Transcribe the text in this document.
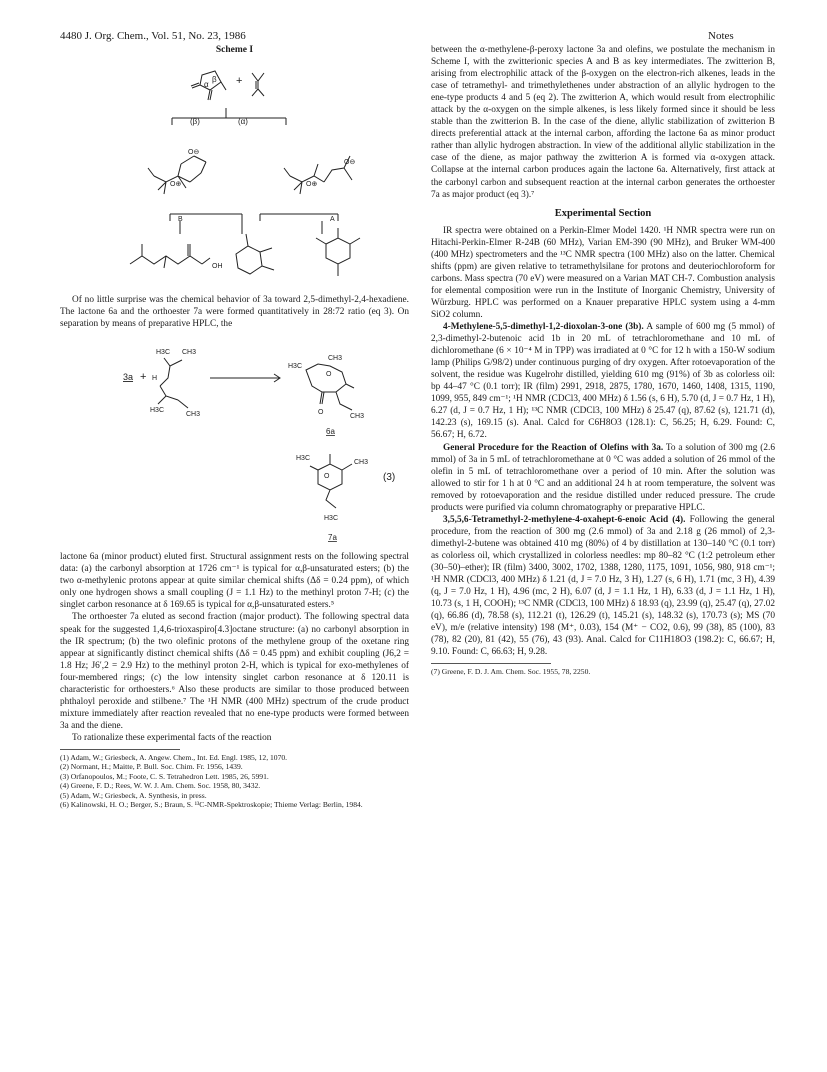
4480 J. Org. Chem., Vol. 51, No. 23, 1986	Notes
Scheme I
β
α +
(β)	(α)
O⊕
O⊖
O⊕
O⊖
B	A
OH

Of no little surprise was the chemical behavior of 3a toward 2,5-dimethyl-2,4-hexadiene. The lactone 6a and the orthoester 7a were formed quantitatively in 28:72 ratio (eq 3). On separation by means of preparative HPLC, the

3a +
H3C CH3
H
H3C
CH3
H3C
CH3
O
O
CH3
6a
H3C
O
CH3
H3C
7a
(3)

lactone 6a (minor product) eluted first. Structural assignment rests on the following spectral data: (a) the carbonyl absorption at 1726 cm⁻¹ is typical for α,β-unsaturated esters; (b) the two α-methylenic protons appear at quite similar chemical shifts (Δδ = 0.24 ppm), of which only one hydrogen shows a small coupling (J = 1.1 Hz) to the methinyl proton 7-H; (c) the singlet carbon resonance at δ 169.65 is typical for α,β-unsaturated esters.⁵

The orthoester 7a eluted as second fraction (major product). The following spectral data speak for the suggested 1,4,6-trioxaspiro[4.3]octane structure: (a) no carbonyl absorption in the IR spectrum; (b) the two olefinic protons of the methylene group of the oxetane ring appear at significantly distinct chemical shifts (Δδ = 0.45 ppm) and exhibit coupling (J6,2 = 1.8 Hz; J6′,2 = 2.9 Hz) to the methinyl proton 2-H, which is typical for exo-methylenes of four-membered rings; (c) the low intensity singlet carbon resonance at δ 120.11 is characteristic for orthoesters.⁶ Also these products are similar to those produced between phthaloyl peroxide and stilbene.⁷ The ¹H NMR (400 MHz) spectrum of the crude product mixture immediately after reaction revealed that no ene-type products were formed between 3a and the diene.

To rationalize these experimental facts of the reaction

(1) Adam, W.; Griesbeck, A. Angew. Chem., Int. Ed. Engl. 1985, 12, 1070.
(2) Normant, H.; Maitte, P. Bull. Soc. Chim. Fr. 1956, 1439.
(3) Orfanopoulos, M.; Foote, C. S. Tetrahedron Lett. 1985, 26, 5991.
(4) Greene, F. D.; Rees, W. W. J. Am. Chem. Soc. 1958, 80, 3432.
(5) Adam, W.; Griesbeck, A. Synthesis, in press.
(6) Kalinowski, H. O.; Berger, S.; Braun, S. ¹³C-NMR-Spektroskopie; Thieme Verlag: Berlin, 1984.

between the α-methylene-β-peroxy lactone 3a and olefins, we postulate the mechanism in Scheme I, with the zwitterionic species A and B as key intermediates. The zwitterion B, arising from electrophilic attack of the β-oxygen on the electron-rich alkenes, leads in the case of tetramethyl- and trimethylethenes under abstraction of an allylic hydrogen to the ene-type products 4 and 5 (eq 2). The zwitterion A, which would result from electrophilic attack by the α-oxygen on the simple alkenes, is less likely formed since it should be less stable than the zwitterion B. In the case of the diene, allylic stabilization of zwitterion B directs preferential attack at the internal carbon, affording the lactone 6a as minor product rather than allylic hydrogen abstraction. In view of the additional allylic stabilization in the case of the diene, as major pathway the zwitterion A is formed via α-oxygen attack. Collapse at the internal carbon produces again the lactone 6a. Alternatively, first attack at the carbonyl carbon and subsequent reaction at the internal carbon generates the orthoester 7a as major product (eq 3).⁷

Experimental Section

IR spectra were obtained on a Perkin-Elmer Model 1420. ¹H NMR spectra were run on Hitachi-Perkin-Elmer R-24B (60 MHz), Varian EM-390 (90 MHz), and Bruker WM-400 (400 MHz) spectrometers and the ¹³C NMR spectra (100 MHz) also on the latter. Chemical shifts (ppm) are given relative to tetramethylsilane for protons and deuteriochloroform for carbons. Mass spectra (70 eV) were measured on a Varian MAT CH-7. Combustion analysis for elemental composition were run in the Institute of Inorganic Chemistry, University of Würzburg. HPLC was performed on a Knauer preparative HPLC system using a 4-mm SiO2 column.

4-Methylene-5,5-dimethyl-1,2-dioxolan-3-one (3b). A sample of 600 mg (5 mmol) of 2,3-dimethyl-2-butenoic acid 1b in 20 mL of tetrachloromethane and 10 mL of dichloromethane (6 × 10⁻⁴ M in TPP) was irradiated at 0 °C for 12 h with a 150-W sodium lamp (Philips G/98/2) under continuous purging of dry oxygen. After rotoevaporation of the solvent, the residue was Kugelrohr distilled, yielding 610 mg (91%) of 3b as colorless oil: bp 44–47 °C (0.1 torr); IR (film) 2991, 2918, 2875, 1780, 1670, 1460, 1408, 1315, 1190, 1099, 955, 849 cm⁻¹; ¹H NMR (CDCl3, 400 MHz) δ 1.56 (s, 6 H), 5.70 (d, J = 0.7 Hz, 1 H), 6.27 (d, J = 0.7 Hz, 1 H); ¹³C NMR (CDCl3, 100 MHz) δ 25.47 (q), 87.62 (s), 121.71 (d), 142.23 (s), 169.15 (s). Anal. Calcd for C6H8O3 (128.1): C, 56.25; H, 6.29. Found: C, 56.67; H, 6.72.

General Procedure for the Reaction of Olefins with 3a. To a solution of 300 mg (2.6 mmol) of 3a in 5 mL of tetrachloromethane at 0 °C was added a solution of 26 mmol of the olefin in 5 mL of tetrachloromethane over a period of 10 min. After the solution was allowed to stir for 1 h at 0 °C and an additional 24 h at room temperature, the solvent was removed by rotoevaporation and the residue distilled under reduced pressure. The crude products were purified via column chromatography or preparative HPLC.

3,5,5,6-Tetramethyl-2-methylene-4-oxahept-6-enoic Acid (4). Following the general procedure, from the reaction of 300 mg (2.6 mmol) of 3a and 2.18 g (26 mmol) of 2,3-dimethyl-2-butene was obtained 410 mg (80%) of 4 by distillation at 130–140 °C (0.1 torr) as colorless oil, which crystallized in colorless needles: mp 80–82 °C (1:2 petroleum ether (30–50)–ether); IR (film) 3400, 3002, 1702, 1388, 1280, 1175, 1091, 1056, 980, 918 cm⁻¹; ¹H NMR (CDCl3, 400 MHz) δ 1.21 (d, J = 7.0 Hz, 3 H), 1.27 (s, 6 H), 1.71 (mc, 3 H), 4.39 (q, J = 7.0 Hz, 1 H), 4.96 (mc, 2 H), 6.07 (d, J = 1.1 Hz, 1 H), 6.33 (d, J = 1.1 Hz, 1 H), 10.73 (s, 1 H, COOH); ¹³C NMR (CDCl3, 100 MHz) δ 18.93 (q), 23.99 (q), 25.47 (q), 27.02 (q), 66.86 (d), 78.58 (s), 112.21 (t), 126.29 (t), 145.21 (s), 148.32 (s), 170.73 (s); MS (70 eV), m/e (relative intensity) 198 (M⁺, 0.03), 154 (M⁺ − CO2, 0.6), 99 (38), 85 (100), 83 (78), 82 (20), 81 (42), 55 (76), 43 (93). Anal. Calcd for C11H18O3 (198.2): C, 66.67; H, 9.10. Found: C, 66.63; H, 9.28.

(7) Greene, F. D. J. Am. Chem. Soc. 1955, 78, 2250.
